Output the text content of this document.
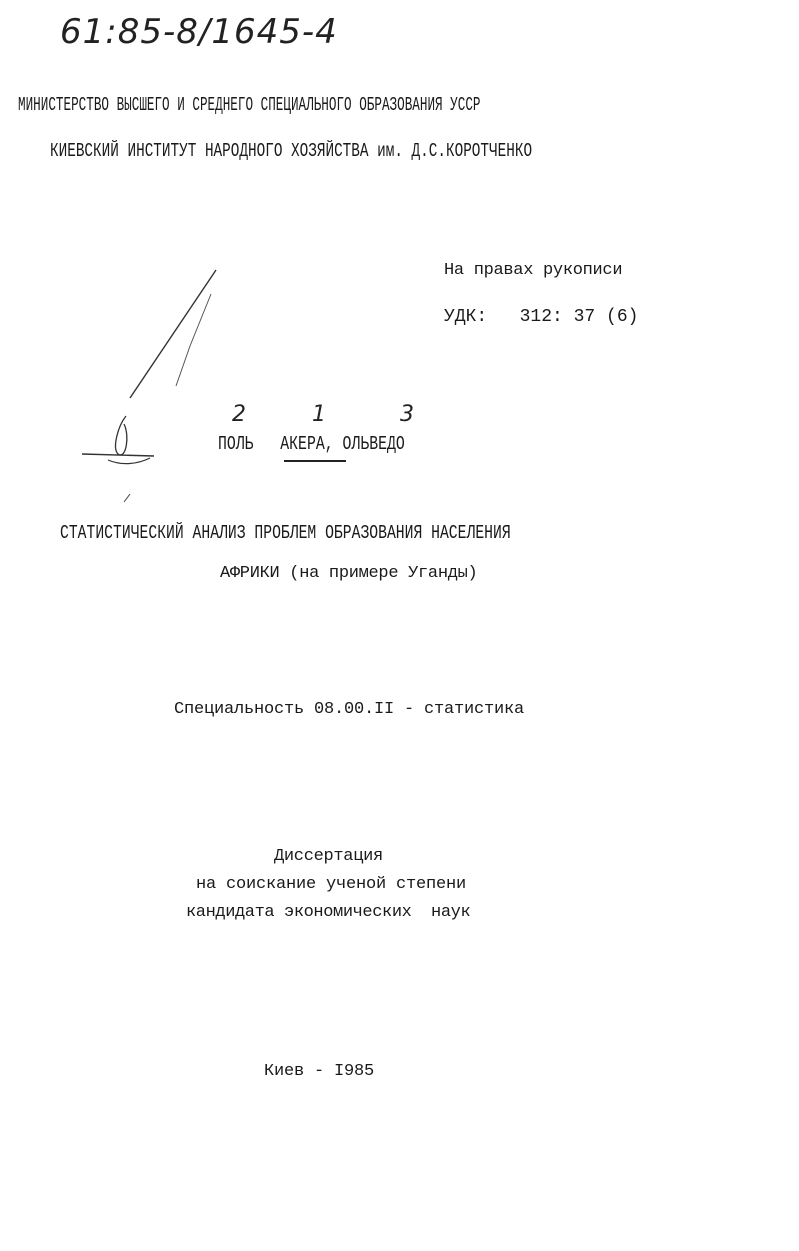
61:85-8/1645-4
МИНИСТЕРСТВО ВЫСШЕГО И СРЕДНЕГО СПЕЦИАЛЬНОГО ОБРАЗОВАНИЯ УССР
КИЕВСКИЙ ИНСТИТУТ НАРОДНОГО ХОЗЯЙСТВА им. Д.С.КОРОТЧЕНКО
На правах рукописи
УДК:   312: 37 (6)
2	1	3
ПОЛЬ АКЕРА, ОЛЬВЕДО
СТАТИСТИЧЕСКИЙ АНАЛИЗ ПРОБЛЕМ ОБРАЗОВАНИЯ НАСЕЛЕНИЯ
АФРИКИ (на примере Уганды)
Специальность 08.00.II - статистика
Диссертация
на соискание ученой степени
кандидата экономических  наук
Киев - I985
